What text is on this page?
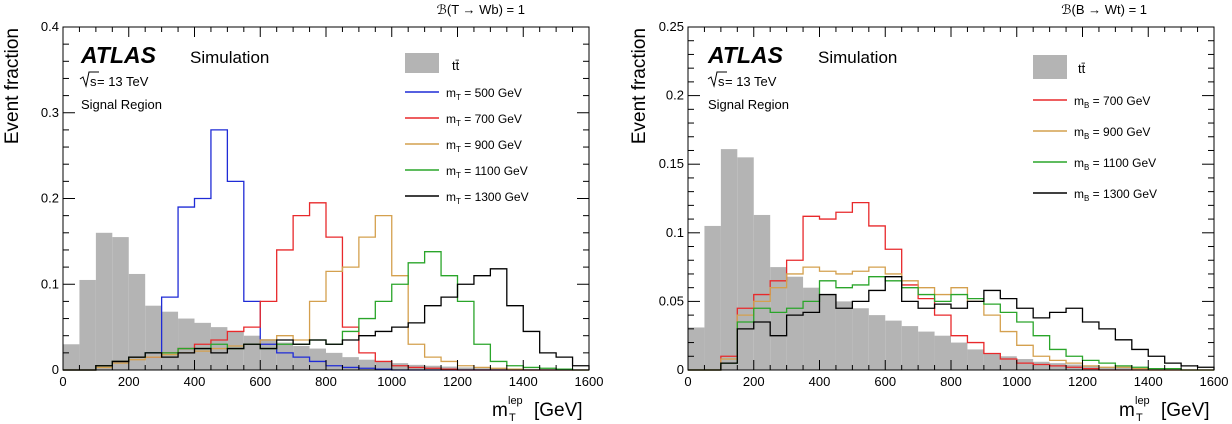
ℬ(T → Wb) = 1
0	200	400	600	800	1000	1200	1400	1600
0
0.1
0.2
0.3
0.4
Event fraction
m T
lep [GeV]
ATLAS Simulation
s = 13 TeV
Signal Region
tt̄
$m_T = 500$ GeV
$m_T = 700$ GeV
$m_T = 900$ GeV
$m_T = 1100$ GeV
$m_T = 1300$ GeV
ℬ(B → Wt) = 1
0	200	400	600	800	1000	1200	1400	1600
0
0.05
0.1
0.15
0.2
0.25
Event fraction
m T
lep [GeV]
ATLAS Simulation
s = 13 TeV
Signal Region
tt̄
$m_B = 700$ GeV
$m_B = 900$ GeV
$m_B = 1100$ GeV
$m_B = 1300$ GeV
